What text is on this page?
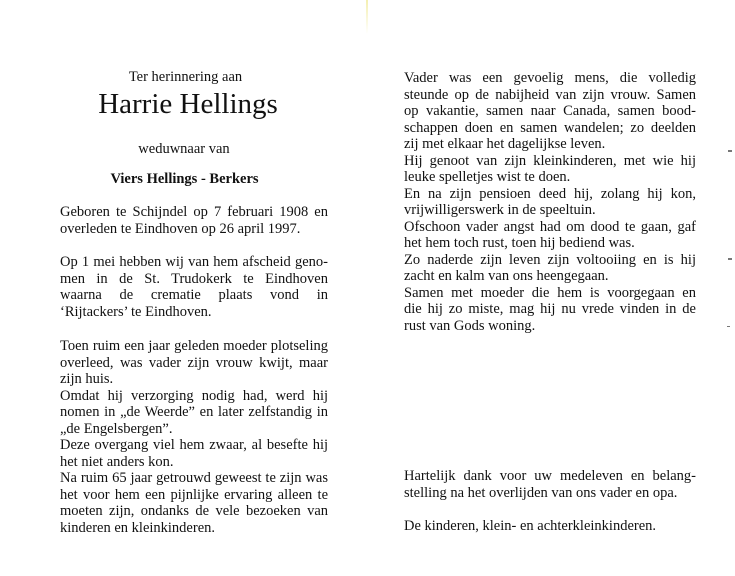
Ter herinnering aan
Harrie Hellings
weduwnaar van
Viers Hellings - Berkers
Geboren te Schijndel op 7 februari 1908 en
overleden te Eindhoven op 26 april 1997.
Op 1 mei hebben wij van hem afscheid geno-
men in de St. Trudokerk te Eindhoven
waarna de crematie plaats vond in
‘Rijtackers’ te Eindhoven.
Toen ruim een jaar geleden moeder plotseling
overleed, was vader zijn vrouw kwijt, maar
zijn huis.
Omdat hij verzorging nodig had, werd hij
nomen in „de Weerde” en later zelfstandig in
„de Engelsbergen”.
Deze overgang viel hem zwaar, al besefte hij
het niet anders kon.
Na ruim 65 jaar getrouwd geweest te zijn was
het voor hem een pijnlijke ervaring alleen te
moeten zijn, ondanks de vele bezoeken van
kinderen en kleinkinderen.
Vader was een gevoelig mens, die volledig
steunde op de nabijheid van zijn vrouw. Samen
op vakantie, samen naar Canada, samen bood-
schappen doen en samen wandelen; zo deelden
zij met elkaar het dagelijkse leven.
Hij genoot van zijn kleinkinderen, met wie hij
leuke spelletjes wist te doen.
En na zijn pensioen deed hij, zolang hij kon,
vrijwilligerswerk in de speeltuin.
Ofschoon vader angst had om dood te gaan, gaf
het hem toch rust, toen hij bediend was.
Zo naderde zijn leven zijn voltooiing en is hij
zacht en kalm van ons heengegaan.
Samen met moeder die hem is voorgegaan en
die hij zo miste, mag hij nu vrede vinden in de
rust van Gods woning.
Hartelijk dank voor uw medeleven en belang-
stelling na het overlijden van ons vader en opa.
De kinderen, klein- en achterkleinkinderen.
